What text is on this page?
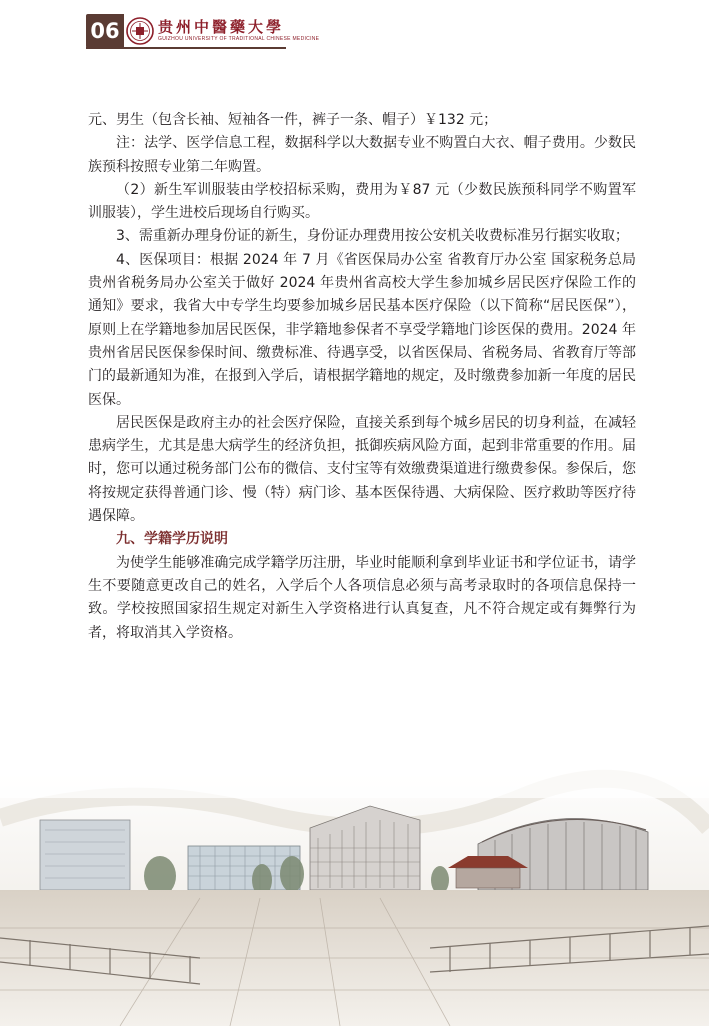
06	贵州中醫藥大學
GUIZHOU UNIVERSITY OF TRADITIONAL CHINESE MEDICINE

元、男生（包含长袖、短袖各一件，裤子一条、帽子）￥132 元；

注：法学、医学信息工程，数据科学以大数据专业不购置白大衣、帽子费用。少数民族预科按照专业第二年购置。

（2）新生军训服装由学校招标采购，费用为￥87 元（少数民族预科同学不购置军训服装），学生进校后现场自行购买。

3、需重新办理身份证的新生，身份证办理费用按公安机关收费标准另行据实收取；

4、医保项目：根据 2024 年 7 月《省医保局办公室 省教育厅办公室 国家税务总局贵州省税务局办公室关于做好 2024 年贵州省高校大学生参加城乡居民医疗保险工作的通知》要求，我省大中专学生均要参加城乡居民基本医疗保险（以下简称“居民医保”），原则上在学籍地参加居民医保，非学籍地参保者不享受学籍地门诊医保的费用。2024 年贵州省居民医保参保时间、缴费标准、待遇享受，以省医保局、省税务局、省教育厅等部门的最新通知为准，在报到入学后，请根据学籍地的规定，及时缴费参加新一年度的居民医保。

居民医保是政府主办的社会医疗保险，直接关系到每个城乡居民的切身利益，在减轻患病学生，尤其是患大病学生的经济负担，抵御疾病风险方面，起到非常重要的作用。届时，您可以通过税务部门公布的微信、支付宝等有效缴费渠道进行缴费参保。参保后，您将按规定获得普通门诊、慢（特）病门诊、基本医保待遇、大病保险、医疗救助等医疗待遇保障。

九、学籍学历说明

为使学生能够准确完成学籍学历注册，毕业时能顺利拿到毕业证书和学位证书，请学生不要随意更改自己的姓名，入学后个人各项信息必须与高考录取时的各项信息保持一致。学校按照国家招生规定对新生入学资格进行认真复查，凡不符合规定或有舞弊行为者，将取消其入学资格。
